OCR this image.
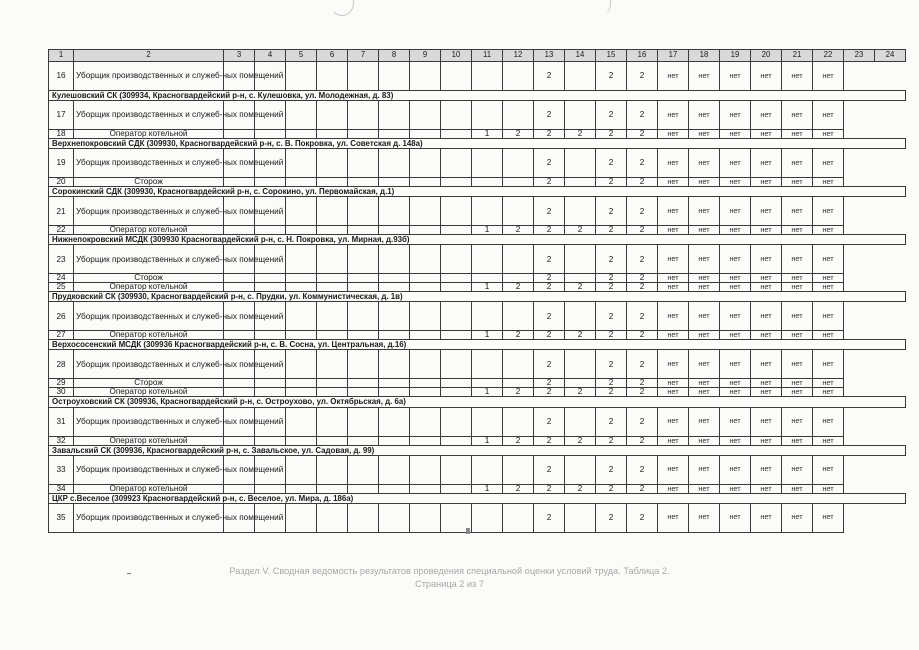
1	2	3	4	5	6	7	8	9	10	11	12	13	14	15	16	17	18	19	20	21	22	23	24
16	Уборщик производственных и служеб-ных помещений											2		2	2	нет	нет	нет	нет	нет	нет		
Кулешовский СК (309934, Красногвардейский р-н, с. Кулешовка, ул. Молодежная, д. 83)																							
17	Уборщик производственных и служеб-ных помещений											2		2	2	нет	нет	нет	нет	нет	нет		
18	Оператор котельной									1	2	2	2	2	2	нет	нет	нет	нет	нет	нет		
Верхнепокровский СДК (309930, Красногвардейский р-н, с. В. Покровка, ул. Советская д. 148а)																							
19	Уборщик производственных и служеб-ных помещений											2		2	2	нет	нет	нет	нет	нет	нет		
20	Сторож											2		2	2	нет	нет	нет	нет	нет	нет		
Сорокинский СДК (309930, Красногвардейский р-н, с. Сорокино, ул. Первомайская, д.1)																							
21	Уборщик производственных и служеб-ных помещений											2		2	2	нет	нет	нет	нет	нет	нет		
22	Оператор котельной									1	2	2	2	2	2	нет	нет	нет	нет	нет	нет		
Нижнепокровский МСДК (309930 Красногвардейский р-н, с. Н. Покровка, ул. Мирная, д.93б)																							
23	Уборщик производственных и служеб-ных помещений											2		2	2	нет	нет	нет	нет	нет	нет		
24	Сторож											2		2	2	нет	нет	нет	нет	нет	нет		
25	Оператор котельной									1	2	2	2	2	2	нет	нет	нет	нет	нет	нет		
Прудковский СК (309930, Красногвардейский р-н, с. Прудки, ул. Коммунистическая, д. 1в)																							
26	Уборщик производственных и служеб-ных помещений											2		2	2	нет	нет	нет	нет	нет	нет		
27	Оператор котельной									1	2	2	2	2	2	нет	нет	нет	нет	нет	нет		
Верхососенский МСДК (309936 Красногвардейский р-н, с. В. Сосна, ул. Центральная, д.16)																							
28	Уборщик производственных и служеб-ных помещений											2		2	2	нет	нет	нет	нет	нет	нет		
29	Сторож											2		2	2	нет	нет	нет	нет	нет	нет		
30	Оператор котельной									1	2	2	2	2	2	нет	нет	нет	нет	нет	нет		
Остроуховский СК (309936, Красногвардейский р-н, с. Остроухово, ул. Октябрьская, д. 6а)																							
31	Уборщик производственных и служеб-ных помещений											2		2	2	нет	нет	нет	нет	нет	нет		
32	Оператор котельной									1	2	2	2	2	2	нет	нет	нет	нет	нет	нет		
Завальский СК (309936, Красногвардейский р-н, с. Завальское, ул. Садовая, д. 99)																							
33	Уборщик производственных и служеб-ных помещений											2		2	2	нет	нет	нет	нет	нет	нет		
34	Оператор котельной									1	2	2	2	2	2	нет	нет	нет	нет	нет	нет		
ЦКР с.Веселое (309923 Красногвардейский р-н, с. Веселое, ул. Мира, д. 186а)																							
35	Уборщик производственных и служеб-ных помещений											2		2	2	нет	нет	нет	нет	нет	нет		
Раздел V. Сводная ведомость результатов проведения специальной оценки условий труда. Таблица 2.
Страница 2 из 7
